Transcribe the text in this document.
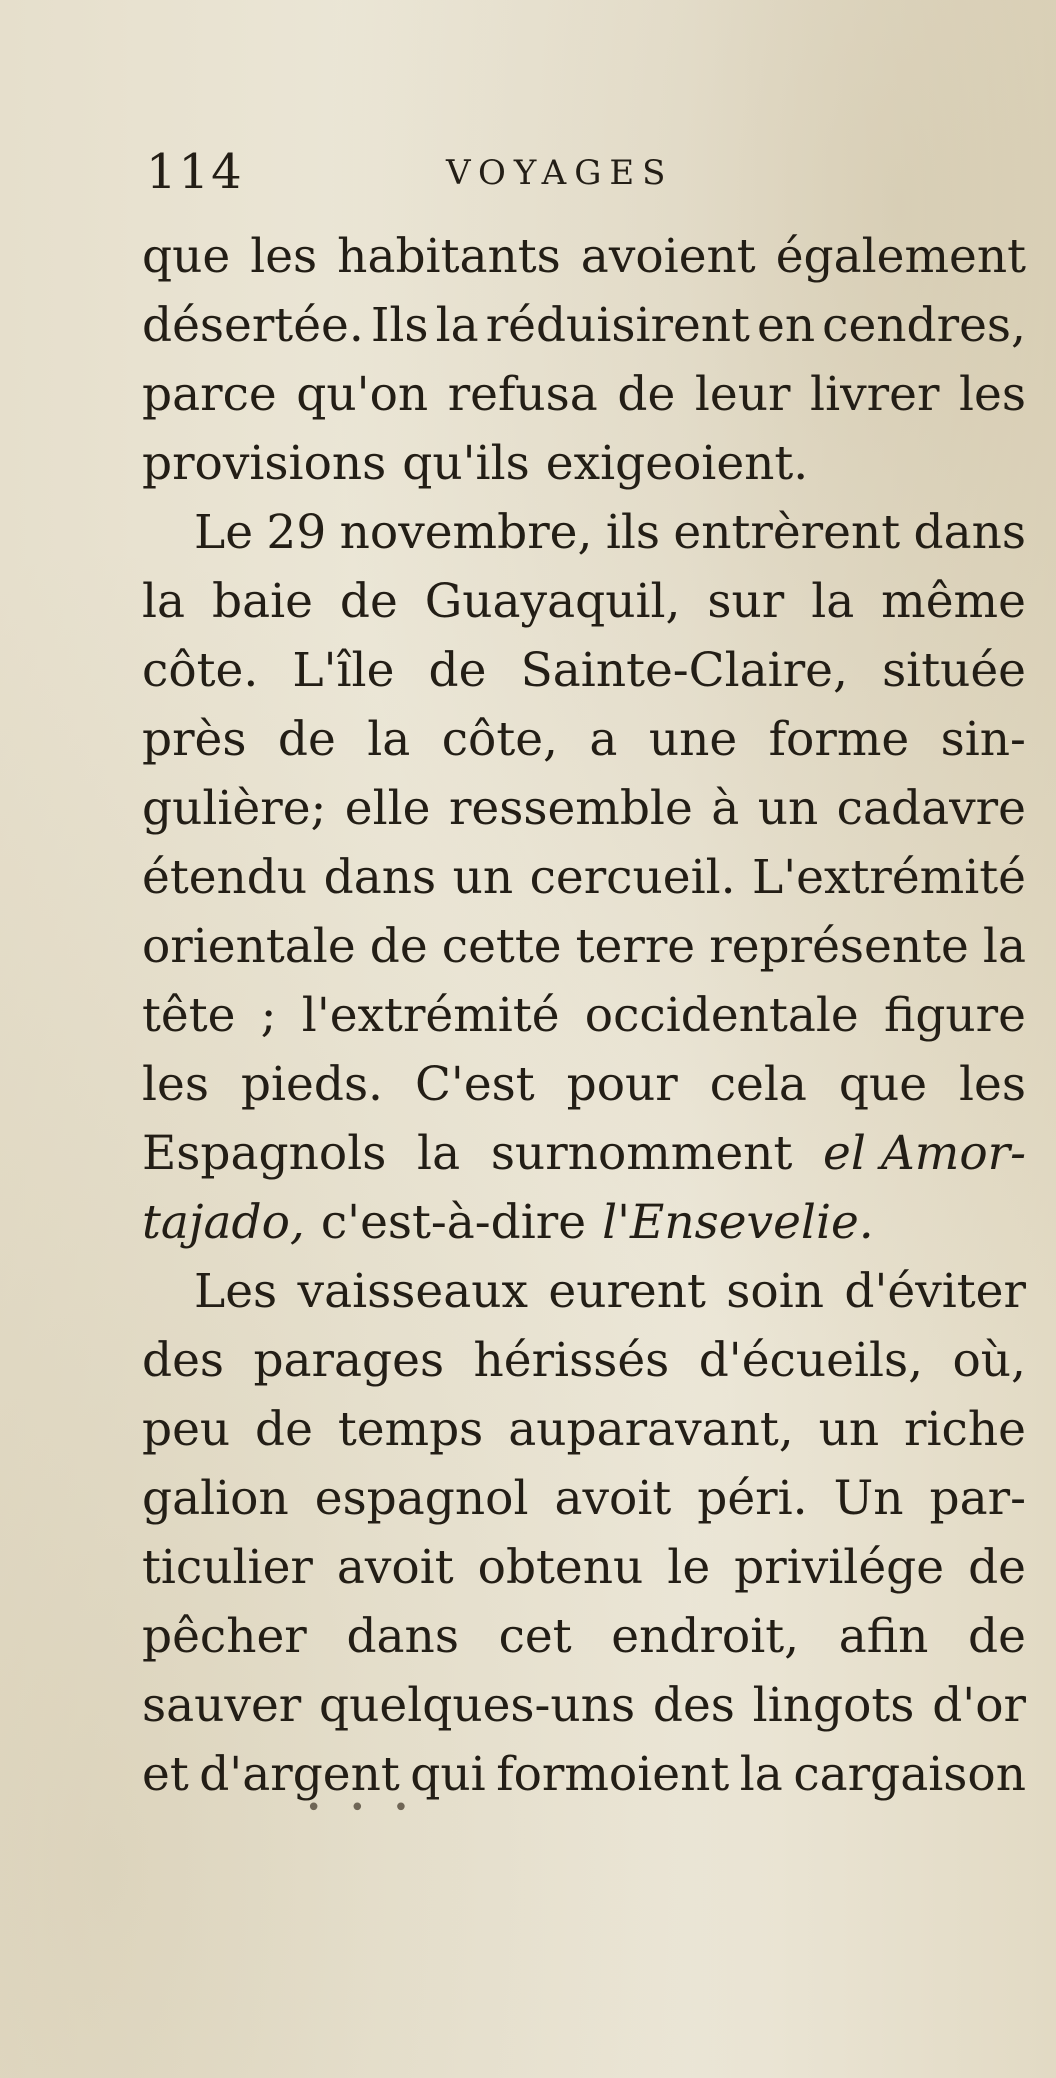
114	VOYAGES
que les habitants avoient également
désertée. Ils la réduisirent en cendres,
parce qu'on refusa de leur livrer les
provisions qu'ils exigeoient.
Le 29 novembre, ils entrèrent dans
la baie de Guayaquil, sur la même
côte. L'île de Sainte-Claire, située
près de la côte, a une forme sin-
gulière; elle ressemble à un cadavre
étendu dans un cercueil. L'extrémité
orientale de cette terre représente la
tête ; l'extrémité occidentale figure
les pieds. C'est pour cela que les
Espagnols la surnomment el Amor-
tajado, c'est-à-dire l'Ensevelie.
Les vaisseaux eurent soin d'éviter
des parages hérissés d'écueils, où,
peu de temps auparavant, un riche
galion espagnol avoit péri. Un par-
ticulier avoit obtenu le privilége de
pêcher dans cet endroit, afin de
sauver quelques-uns des lingots d'or
et d'argent qui formoient la cargaison
• • •
